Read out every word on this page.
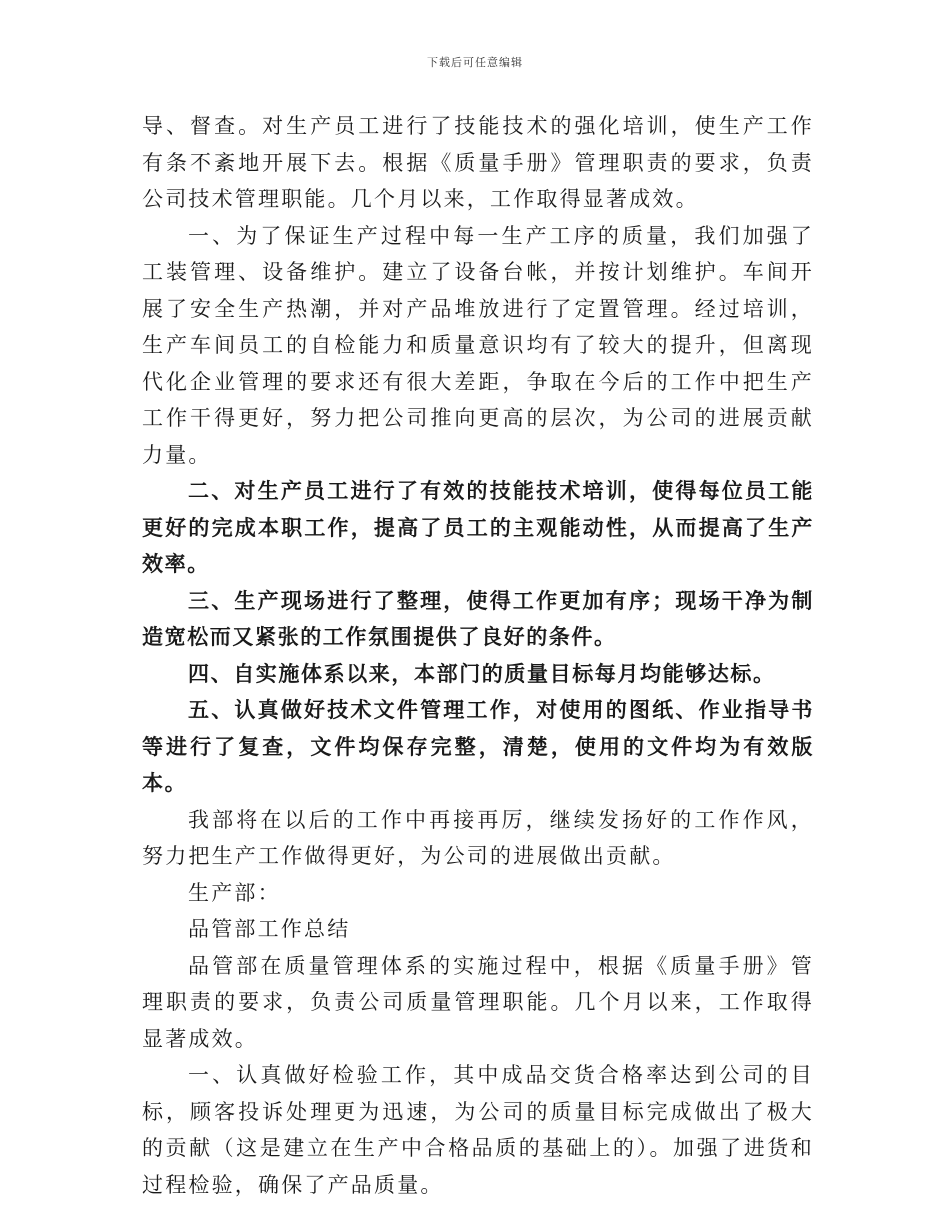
下载后可任意编辑

导、督查。对生产员工进行了技能技术的强化培训，使生产工作有条不紊地开展下去。根据《质量手册》管理职责的要求，负责公司技术管理职能。几个月以来，工作取得显著成效。

一、为了保证生产过程中每一生产工序的质量，我们加强了工装管理、设备维护。建立了设备台帐，并按计划维护。车间开展了安全生产热潮，并对产品堆放进行了定置管理。经过培训，生产车间员工的自检能力和质量意识均有了较大的提升，但离现代化企业管理的要求还有很大差距，争取在今后的工作中把生产工作干得更好，努力把公司推向更高的层次，为公司的进展贡献力量。

二、对生产员工进行了有效的技能技术培训，使得每位员工能更好的完成本职工作，提高了员工的主观能动性，从而提高了生产效率。

三、生产现场进行了整理，使得工作更加有序；现场干净为制造宽松而又紧张的工作氛围提供了良好的条件。

四、自实施体系以来，本部门的质量目标每月均能够达标。

五、认真做好技术文件管理工作，对使用的图纸、作业指导书等进行了复查，文件均保存完整，清楚，使用的文件均为有效版本。

我部将在以后的工作中再接再厉，继续发扬好的工作作风，努力把生产工作做得更好，为公司的进展做出贡献。

生产部：

品管部工作总结

品管部在质量管理体系的实施过程中，根据《质量手册》管理职责的要求，负责公司质量管理职能。几个月以来，工作取得显著成效。

一、认真做好检验工作，其中成品交货合格率达到公司的目标，顾客投诉处理更为迅速，为公司的质量目标完成做出了极大的贡献（这是建立在生产中合格品质的基础上的）。加强了进货和过程检验，确保了产品质量。
